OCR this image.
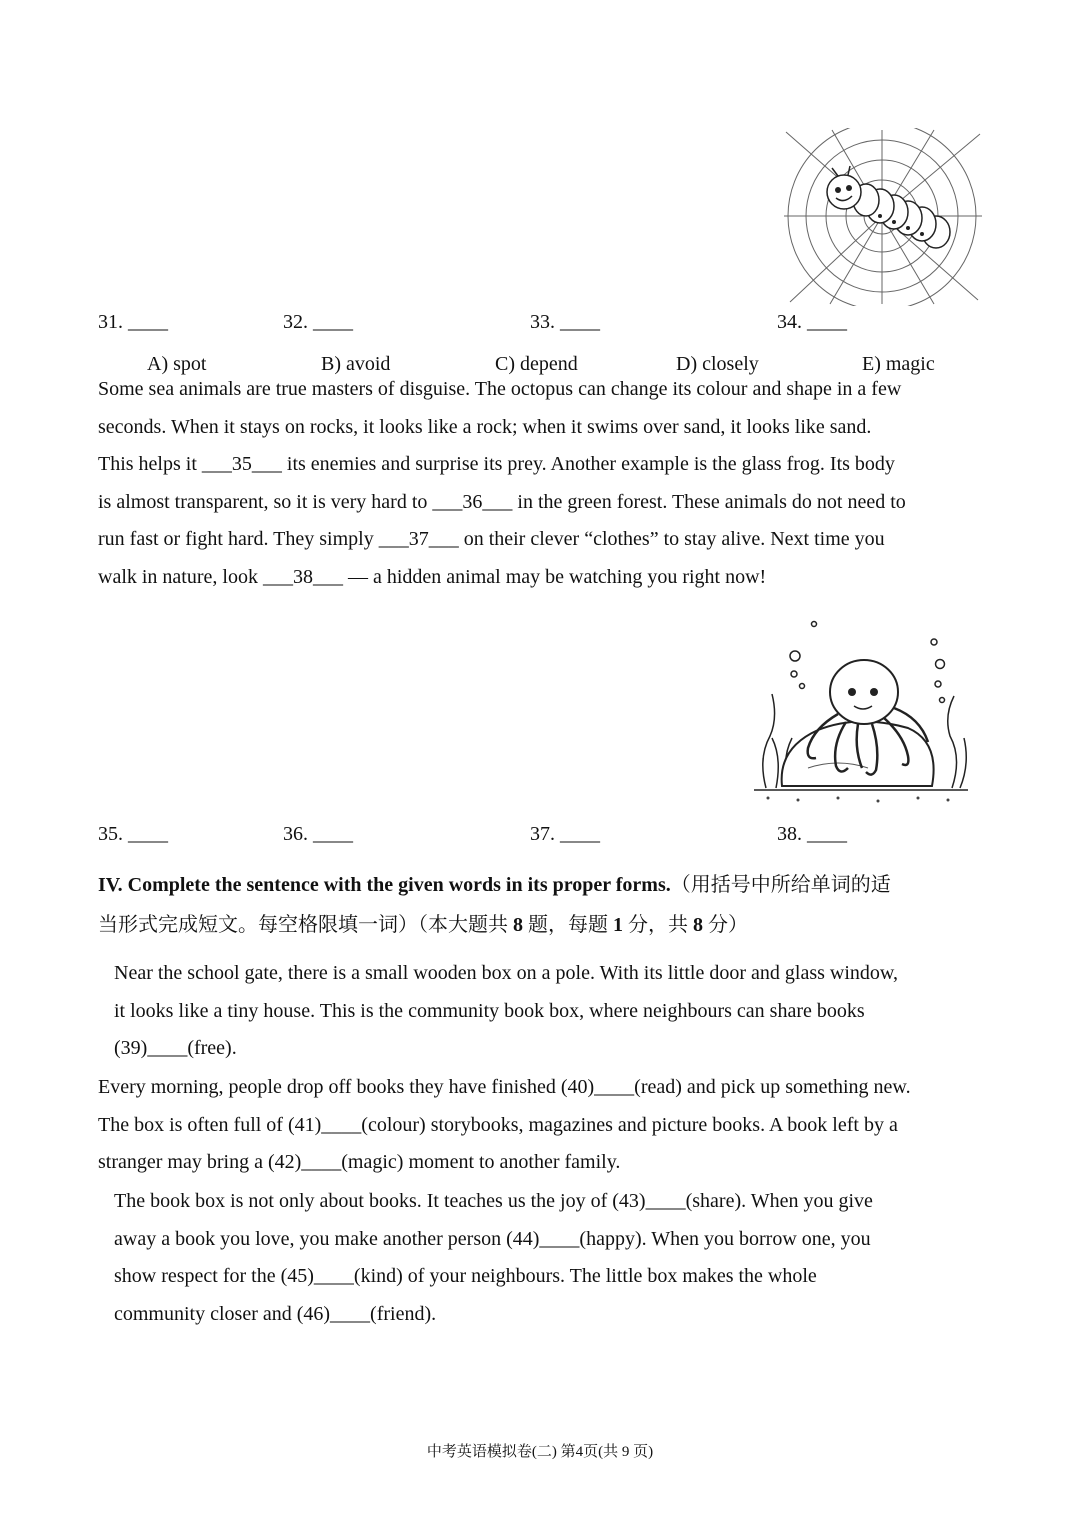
31. ____	32. ____	33. ____	34. ____
A) spot	B) avoid	C) depend	D) closely	E) magic
Some sea animals are true masters of disguise. The octopus can change its colour and shape in a few
seconds. When it stays on rocks, it looks like a rock; when it swims over sand, it looks like sand.
This helps it ___35___ its enemies and surprise its prey. Another example is the glass frog. Its body
is almost transparent, so it is very hard to ___36___ in the green forest. These animals do not need to
run fast or fight hard. They simply ___37___ on their clever “clothes” to stay alive. Next time you
walk in nature, look ___38___ — a hidden animal may be watching you right now!
35. ____	36. ____	37. ____	38. ____
IV. Complete the sentence with the given words in its proper forms.（用括号中所给单词的适
当形式完成短文。每空格限填一词）（本大题共 8 题，每题 1 分，共 8 分）
Near the school gate, there is a small wooden box on a pole. With its little door and glass window,
it looks like a tiny house. This is the community book box, where neighbours can share books
(39)____(free).
Every morning, people drop off books they have finished (40)____(read) and pick up something new.
The box is often full of (41)____(colour) storybooks, magazines and picture books. A book left by a
stranger may bring a (42)____(magic) moment to another family.
The book box is not only about books. It teaches us the joy of (43)____(share). When you give
away a book you love, you make another person (44)____(happy). When you borrow one, you
show respect for the (45)____(kind) of your neighbours. The little box makes the whole
community closer and (46)____(friend).
中考英语模拟卷(二) 第4页(共 9 页)
